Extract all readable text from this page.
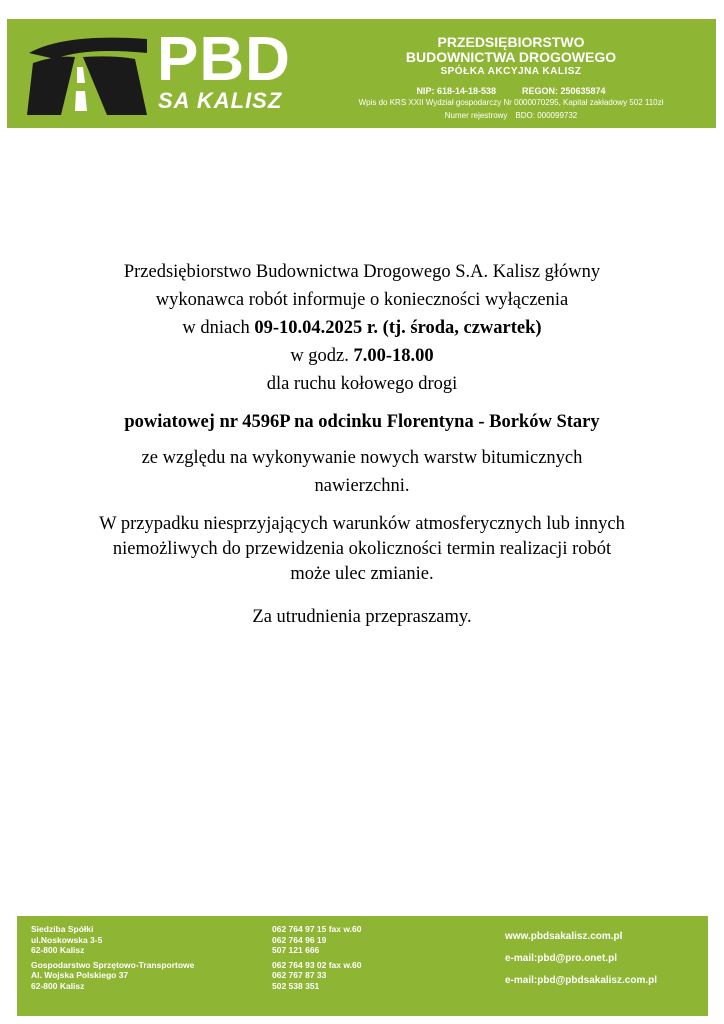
PBD
SA KALISZ
PRZEDSIĘBIORSTWO
BUDOWNICTWA DROGOWEGO
SPÓŁKA AKCYJNA KALISZ
NIP: 618-14-18-538	REGON: 250635874
Wpis do KRS XXII Wydział gospodarczy Nr 0000070295, Kapitał zakładowy 502 110zł
Numer rejestrowy BDO: 000099732

Przedsiębiorstwo Budownictwa Drogowego S.A. Kalisz główny
wykonawca robót informuje o konieczności wyłączenia
w dniach 09-10.04.2025 r. (tj. środa, czwartek)
w godz. 7.00-18.00
dla ruchu kołowego drogi

powiatowej nr 4596P na odcinku Florentyna - Borków Stary

ze względu na wykonywanie nowych warstw bitumicznych
nawierzchni.

W przypadku niesprzyjających warunków atmosferycznych lub innych
niemożliwych do przewidzenia okoliczności termin realizacji robót
może ulec zmianie.

Za utrudnienia przepraszamy.

Siedziba Spółki
ul.Noskowska 3-5
62-800 Kalisz
Gospodarstwo Sprzętowo-Transportowe
Al. Wojska Polskiego 37
62-800 Kalisz
062 764 97 15 fax w.60
062 764 96 19
507 121 666
062 764 93 02 fax w.60
062 767 87 33
502 538 351
www.pbdsakalisz.com.pl
e-mail:pbd@pro.onet.pl
e-mail:pbd@pbdsakalisz.com.pl
